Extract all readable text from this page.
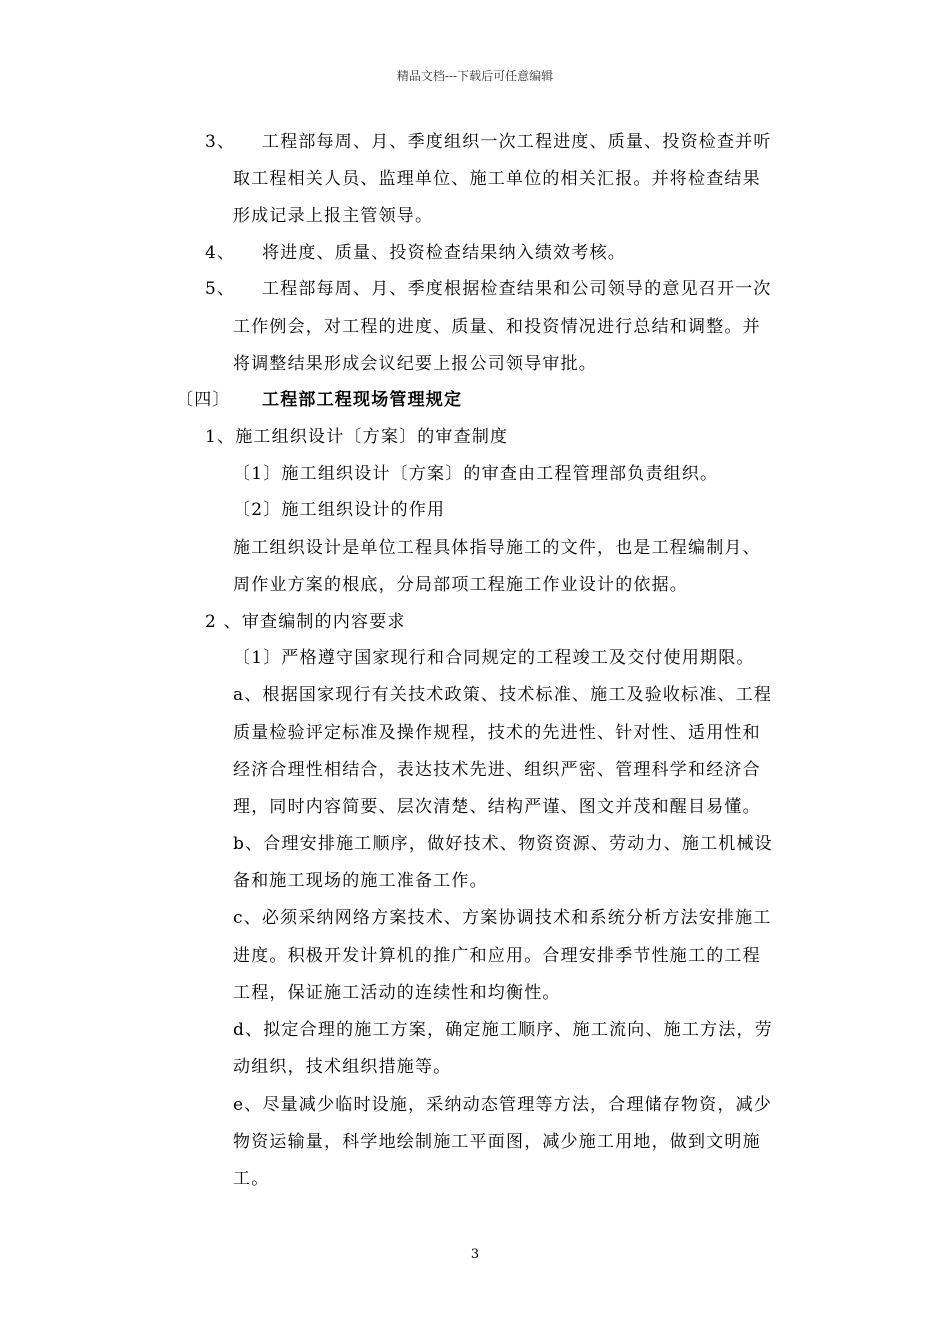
精品文档---下载后可任意编辑
3、 工程部每周、月、季度组织一次工程进度、质量、投资检查并听
取工程相关人员、监理单位、施工单位的相关汇报。并将检查结果
形成记录上报主管领导。
4、 将进度、质量、投资检查结果纳入绩效考核。
5、 工程部每周、月、季度根据检查结果和公司领导的意见召开一次
工作例会，对工程的进度、质量、和投资情况进行总结和调整。并
将调整结果形成会议纪要上报公司领导审批。
〔四〕 工程部工程现场管理规定
1、施工组织设计〔方案〕的审查制度
〔1〕施工组织设计〔方案〕的审查由工程管理部负责组织。
〔2〕施工组织设计的作用
施工组织设计是单位工程具体指导施工的文件，也是工程编制月、
周作业方案的根底，分局部项工程施工作业设计的依据。
2 、审查编制的内容要求
〔1〕严格遵守国家现行和合同规定的工程竣工及交付使用期限。
a、根据国家现行有关技术政策、技术标准、施工及验收标准、工程
质量检验评定标准及操作规程，技术的先进性、针对性、适用性和
经济合理性相结合，表达技术先进、组织严密、管理科学和经济合
理，同时内容简要、层次清楚、结构严谨、图文并茂和醒目易懂。
b、合理安排施工顺序，做好技术、物资资源、劳动力、施工机械设
备和施工现场的施工准备工作。
c、必须采纳网络方案技术、方案协调技术和系统分析方法安排施工
进度。积极开发计算机的推广和应用。合理安排季节性施工的工程
工程，保证施工活动的连续性和均衡性。
d、拟定合理的施工方案，确定施工顺序、施工流向、施工方法，劳
动组织，技术组织措施等。
e、尽量减少临时设施，采纳动态管理等方法，合理储存物资，减少
物资运输量，科学地绘制施工平面图，减少施工用地，做到文明施
工。
3
